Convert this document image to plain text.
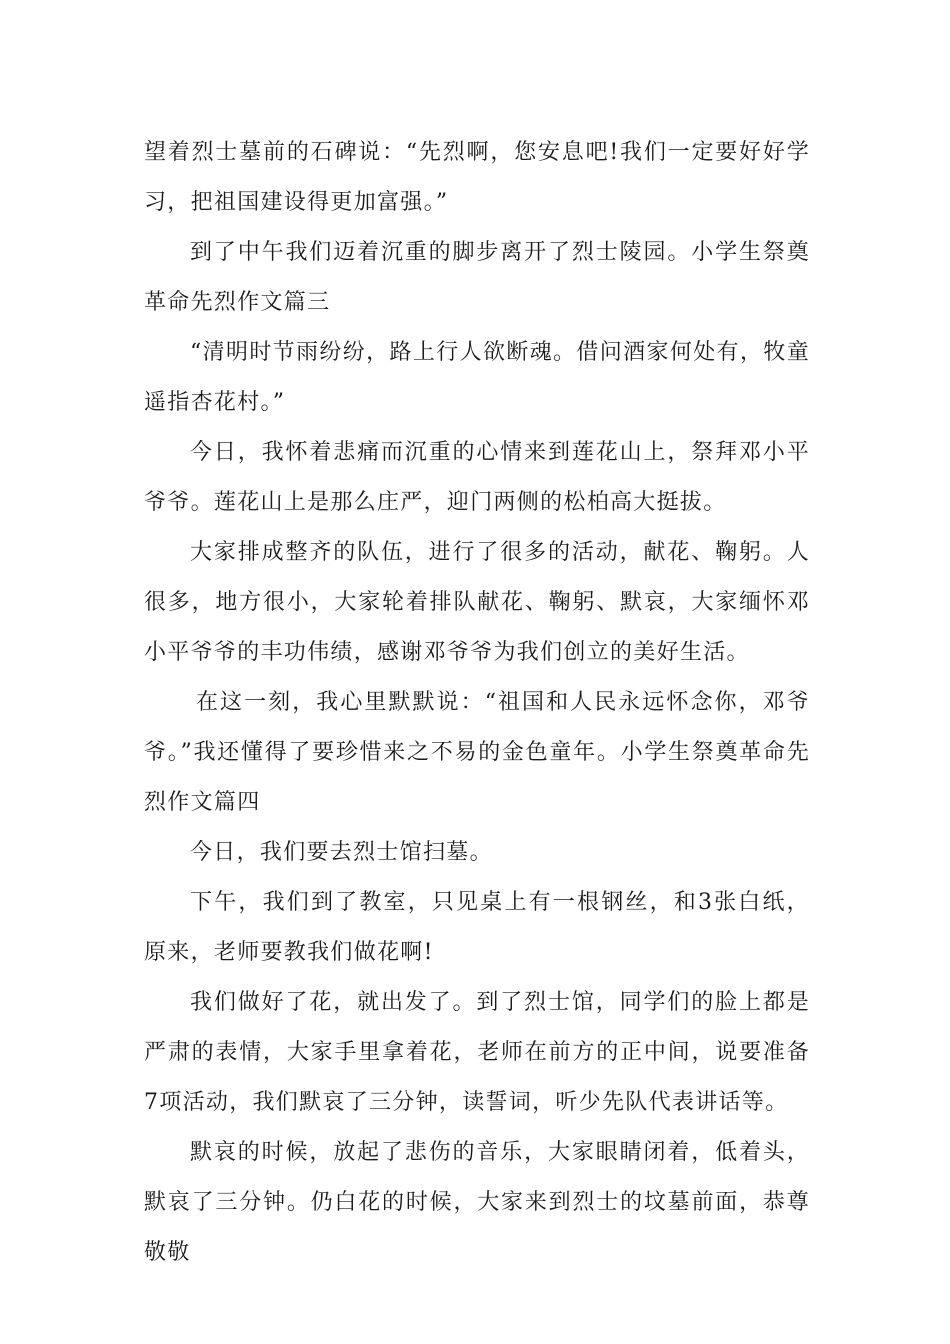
望着烈士墓前的石碑说：“先烈啊，您安息吧!我们一定要好好学习，把祖国建设得更加富强。”

到了中午我们迈着沉重的脚步离开了烈士陵园。小学生祭奠革命先烈作文篇三

“清明时节雨纷纷，路上行人欲断魂。借问酒家何处有，牧童遥指杏花村。”

今日，我怀着悲痛而沉重的心情来到莲花山上，祭拜邓小平爷爷。莲花山上是那么庄严，迎门两侧的松柏高大挺拔。

大家排成整齐的队伍，进行了很多的活动，献花、鞠躬。人很多，地方很小，大家轮着排队献花、鞠躬、默哀，大家缅怀邓小平爷爷的丰功伟绩，感谢邓爷爷为我们创立的美好生活。

在这一刻，我心里默默说：“祖国和人民永远怀念你，邓爷爷。”我还懂得了要珍惜来之不易的金色童年。小学生祭奠革命先烈作文篇四

今日，我们要去烈士馆扫墓。

下午，我们到了教室，只见桌上有一根钢丝，和3张白纸，原来，老师要教我们做花啊!

我们做好了花，就出发了。到了烈士馆，同学们的脸上都是严肃的表情，大家手里拿着花，老师在前方的正中间，说要准备7项活动，我们默哀了三分钟，读誓词，听少先队代表讲话等。

默哀的时候，放起了悲伤的音乐，大家眼睛闭着，低着头，默哀了三分钟。仍白花的时候，大家来到烈士的坟墓前面，恭尊敬敬
